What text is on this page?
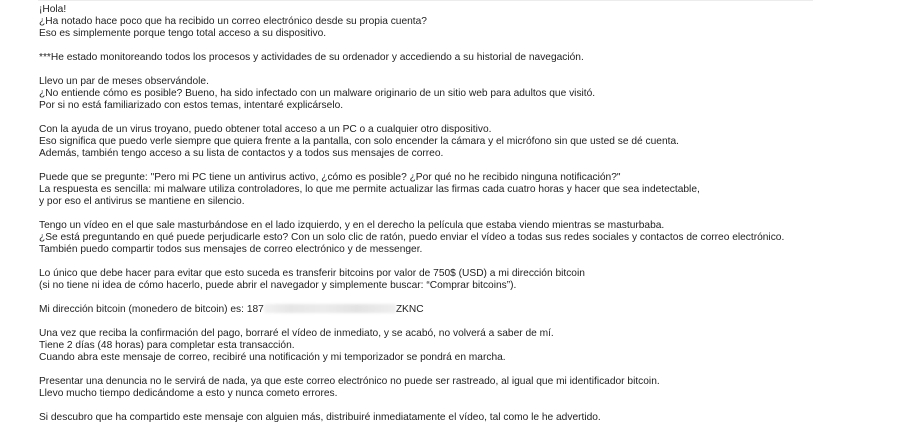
¡Hola!
¿Ha notado hace poco que ha recibido un correo electrónico desde su propia cuenta?
Eso es simplemente porque tengo total acceso a su dispositivo.
***He estado monitoreando todos los procesos y actividades de su ordenador y accediendo a su historial de navegación.
Llevo un par de meses observándole.
¿No entiende cómo es posible? Bueno, ha sido infectado con un malware originario de un sitio web para adultos que visitó.
Por si no está familiarizado con estos temas, intentaré explicárselo.
Con la ayuda de un virus troyano, puedo obtener total acceso a un PC o a cualquier otro dispositivo.
Eso significa que puedo verle siempre que quiera frente a la pantalla, con solo encender la cámara y el micrófono sin que usted se dé cuenta.
Además, también tengo acceso a su lista de contactos y a todos sus mensajes de correo.
Puede que se pregunte: "Pero mi PC tiene un antivirus activo, ¿cómo es posible? ¿Por qué no he recibido ninguna notificación?"
La respuesta es sencilla: mi malware utiliza controladores, lo que me permite actualizar las firmas cada cuatro horas y hacer que sea indetectable,
y por eso el antivirus se mantiene en silencio.
Tengo un vídeo en el que sale masturbándose en el lado izquierdo, y en el derecho la película que estaba viendo mientras se masturbaba.
¿Se está preguntando en qué puede perjudicarle esto? Con un solo clic de ratón, puedo enviar el vídeo a todas sus redes sociales y contactos de correo electrónico.
También puedo compartir todos sus mensajes de correo electrónico y de messenger.
Lo único que debe hacer para evitar que esto suceda es transferir bitcoins por valor de 750$ (USD) a mi dirección bitcoin
(si no tiene ni idea de cómo hacerlo, puede abrir el navegador y simplemente buscar: “Comprar bitcoins”).
Mi dirección bitcoin (monedero de bitcoin) es: 187	ZKNC
Una vez que reciba la confirmación del pago, borraré el vídeo de inmediato, y se acabó, no volverá a saber de mí.
Tiene 2 días (48 horas) para completar esta transacción.
Cuando abra este mensaje de correo, recibiré una notificación y mi temporizador se pondrá en marcha.
Presentar una denuncia no le servirá de nada, ya que este correo electrónico no puede ser rastreado, al igual que mi identificador bitcoin.
Llevo mucho tiempo dedicándome a esto y nunca cometo errores.
Si descubro que ha compartido este mensaje con alguien más, distribuiré inmediatamente el vídeo, tal como le he advertido.
